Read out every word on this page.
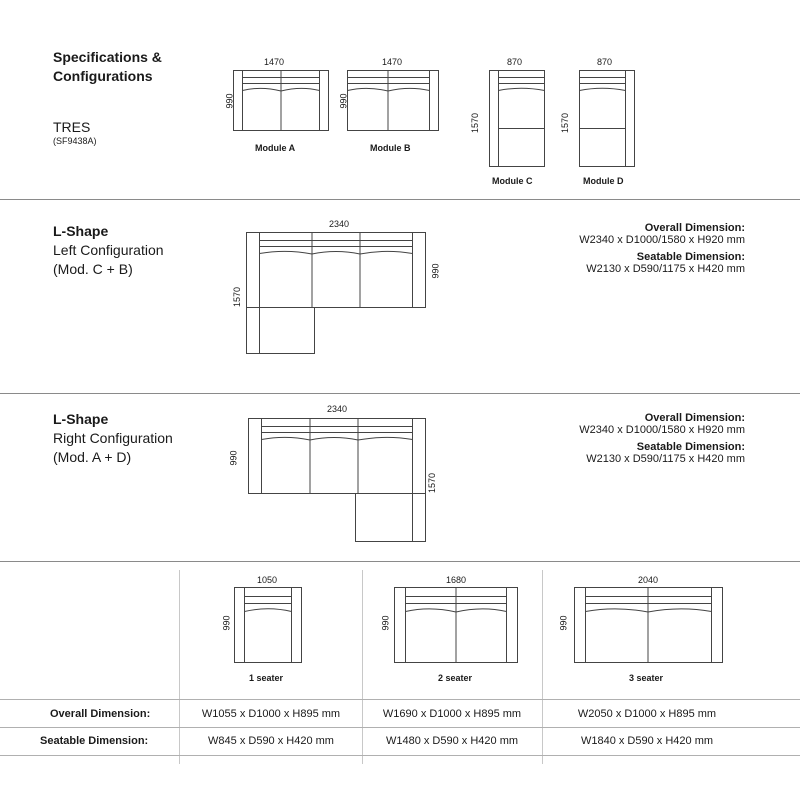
Specifications &
Configurations
TRES
(SF9438A)
1470
990
Module A
1470
990
Module B
870
1570
Module C
870
1570
Module D
L-Shape
Left Configuration
(Mod. C + B)
2340
1570
990
Overall Dimension:
W2340 x D1000/1580 x H920 mm
Seatable Dimension:
W2130 x D590/1175 x H420 mm
L-Shape
Right Configuration
(Mod. A + D)
2340
990
1570
Overall Dimension:
W2340 x D1000/1580 x H920 mm
Seatable Dimension:
W2130 x D590/1175 x H420 mm
1050
990
1 seater
1680
990
2 seater
2040
990
3 seater
Overall Dimension:	W1055 x D1000 x H895 mm	W1690 x D1000 x H895 mm	W2050 x D1000 x H895 mm
Seatable Dimension:	W845 x D590 x H420 mm	W1480 x D590 x H420 mm	W1840 x D590 x H420 mm
